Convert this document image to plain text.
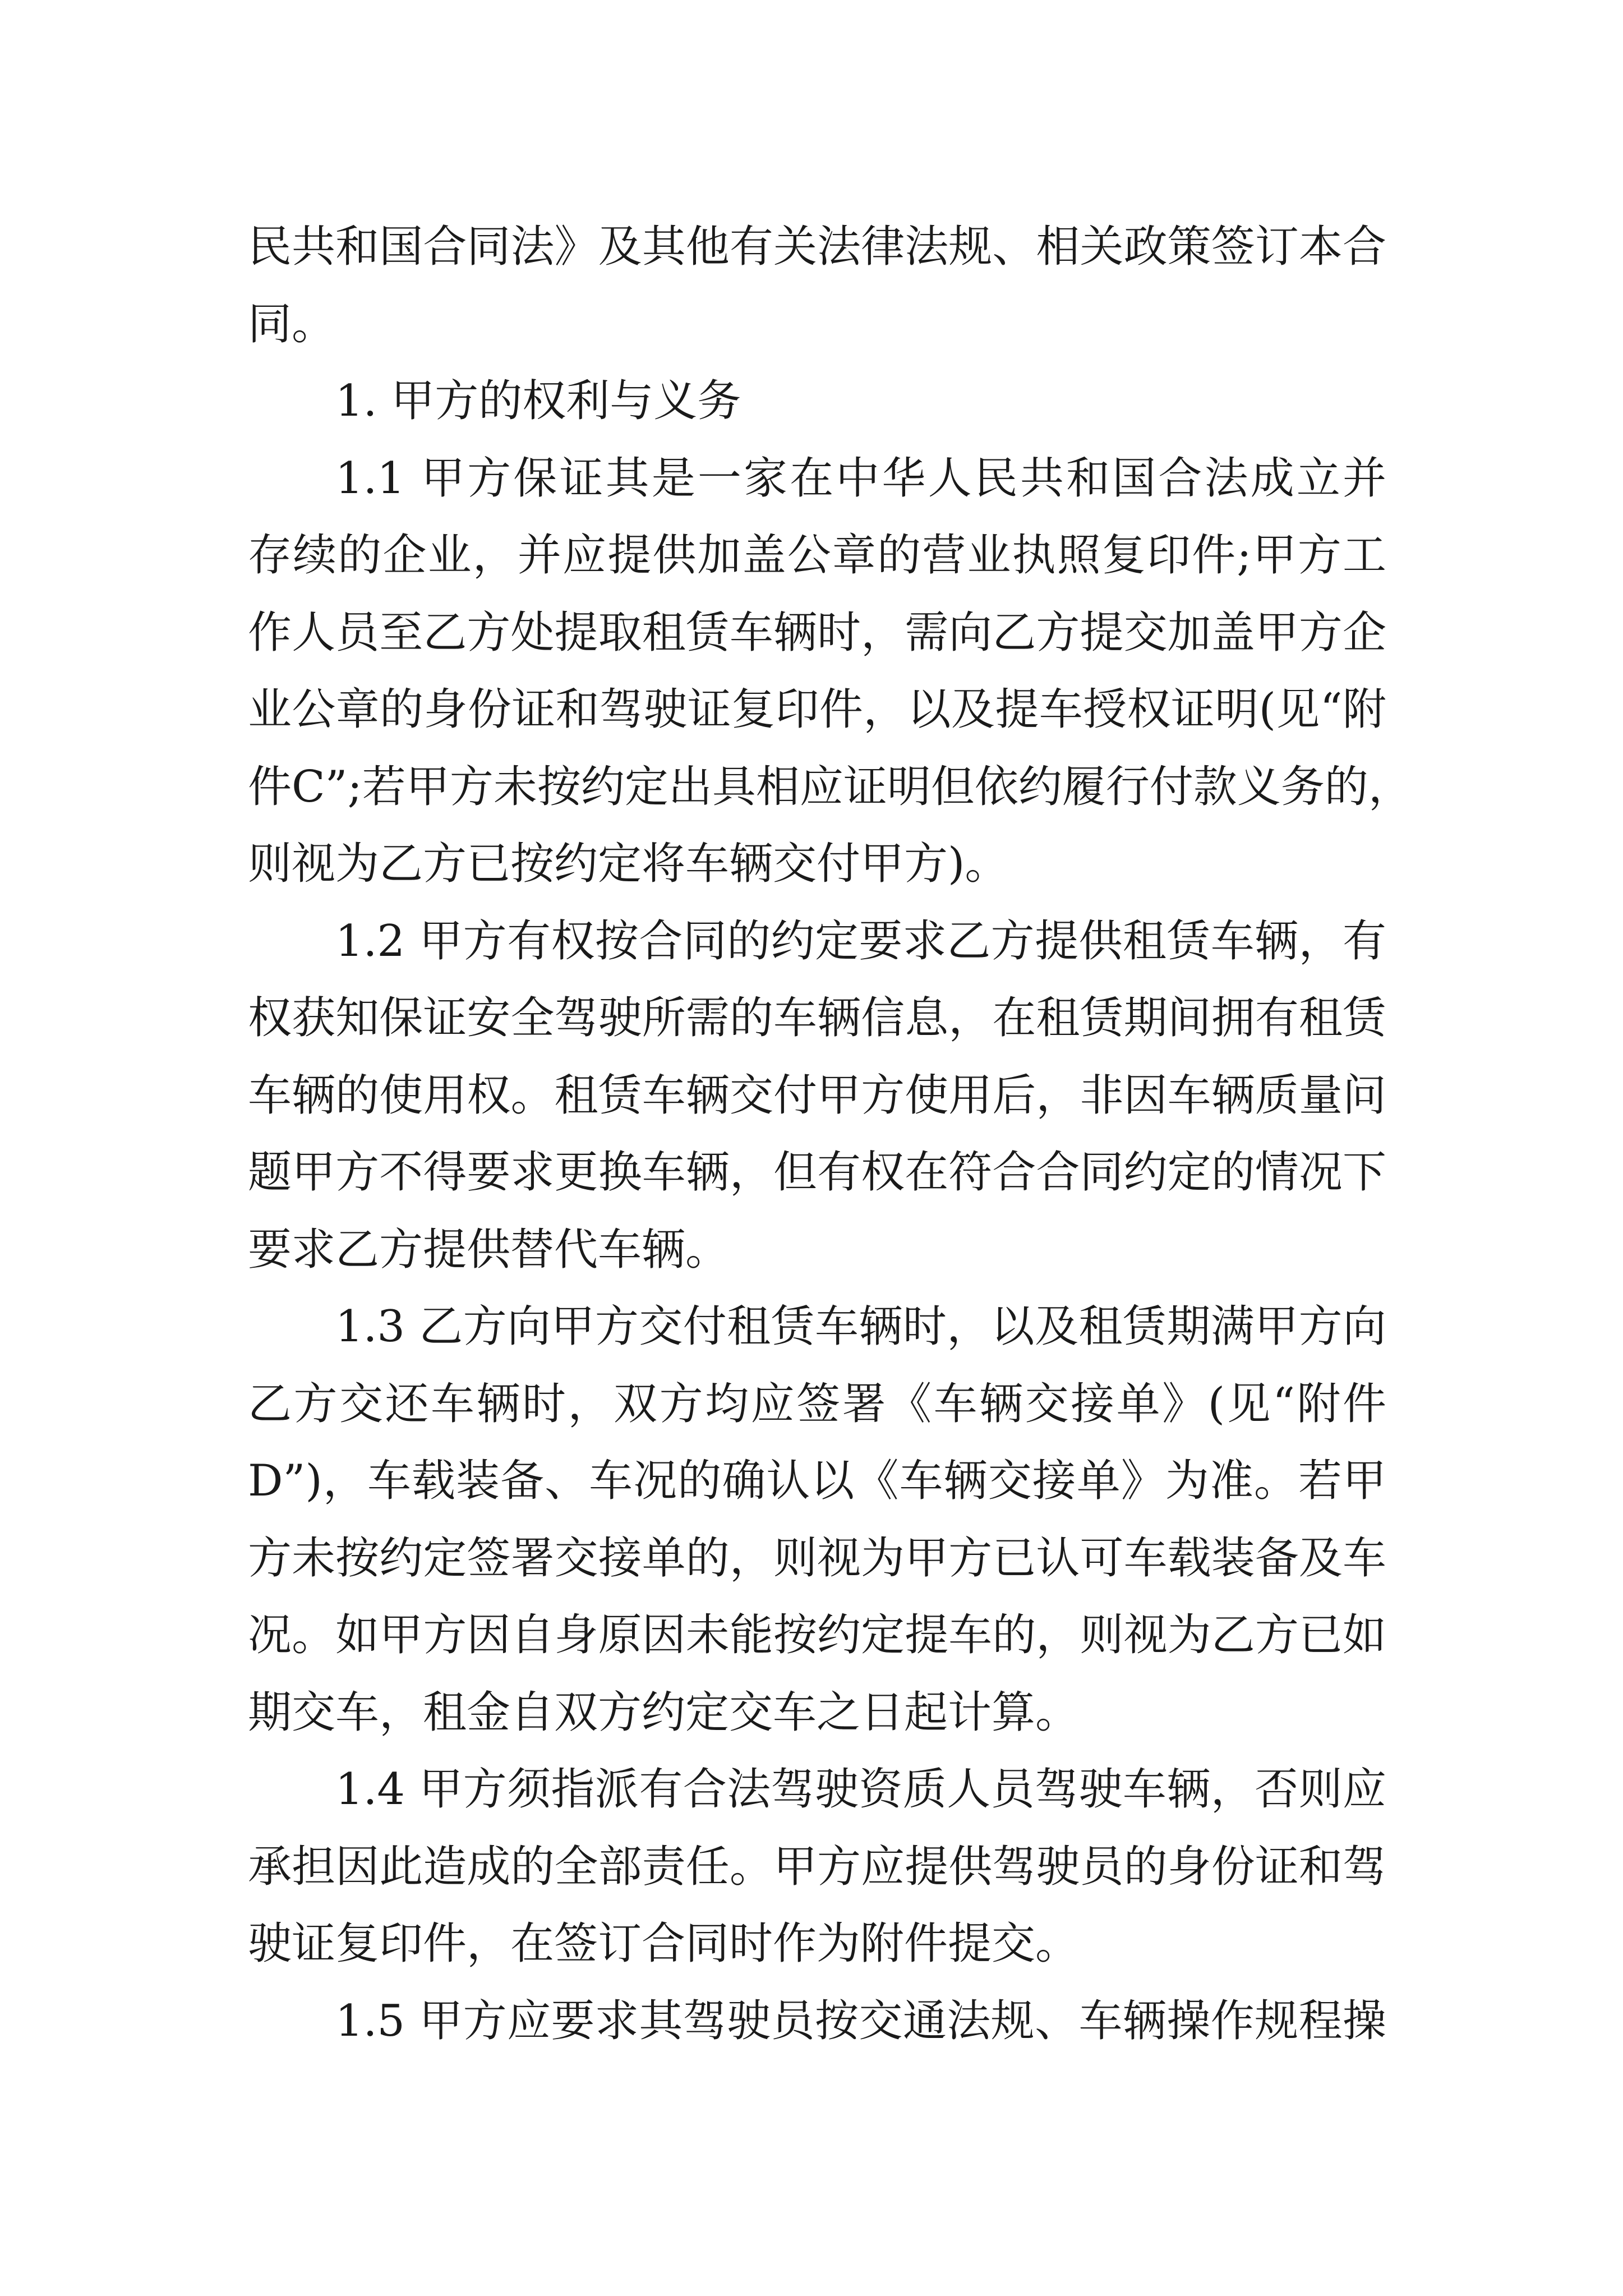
民共和国合同法》及其他有关法律法规、相关政策签订本合
同。
1. 甲方的权利与义务
1.1 甲方保证其是一家在中华人民共和国合法成立并
存续的企业，并应提供加盖公章的营业执照复印件;甲方工
作人员至乙方处提取租赁车辆时，需向乙方提交加盖甲方企
业公章的身份证和驾驶证复印件，以及提车授权证明(见“附
件C”;若甲方未按约定出具相应证明但依约履行付款义务的，
则视为乙方已按约定将车辆交付甲方)。
1.2 甲方有权按合同的约定要求乙方提供租赁车辆，有
权获知保证安全驾驶所需的车辆信息，在租赁期间拥有租赁
车辆的使用权。租赁车辆交付甲方使用后，非因车辆质量问
题甲方不得要求更换车辆，但有权在符合合同约定的情况下
要求乙方提供替代车辆。
1.3 乙方向甲方交付租赁车辆时，以及租赁期满甲方向
乙方交还车辆时，双方均应签署《车辆交接单》(见“附件
D”)，车载装备、车况的确认以《车辆交接单》为准。若甲
方未按约定签署交接单的，则视为甲方已认可车载装备及车
况。如甲方因自身原因未能按约定提车的，则视为乙方已如
期交车，租金自双方约定交车之日起计算。
1.4 甲方须指派有合法驾驶资质人员驾驶车辆，否则应
承担因此造成的全部责任。甲方应提供驾驶员的身份证和驾
驶证复印件，在签订合同时作为附件提交。
1.5 甲方应要求其驾驶员按交通法规、车辆操作规程操
